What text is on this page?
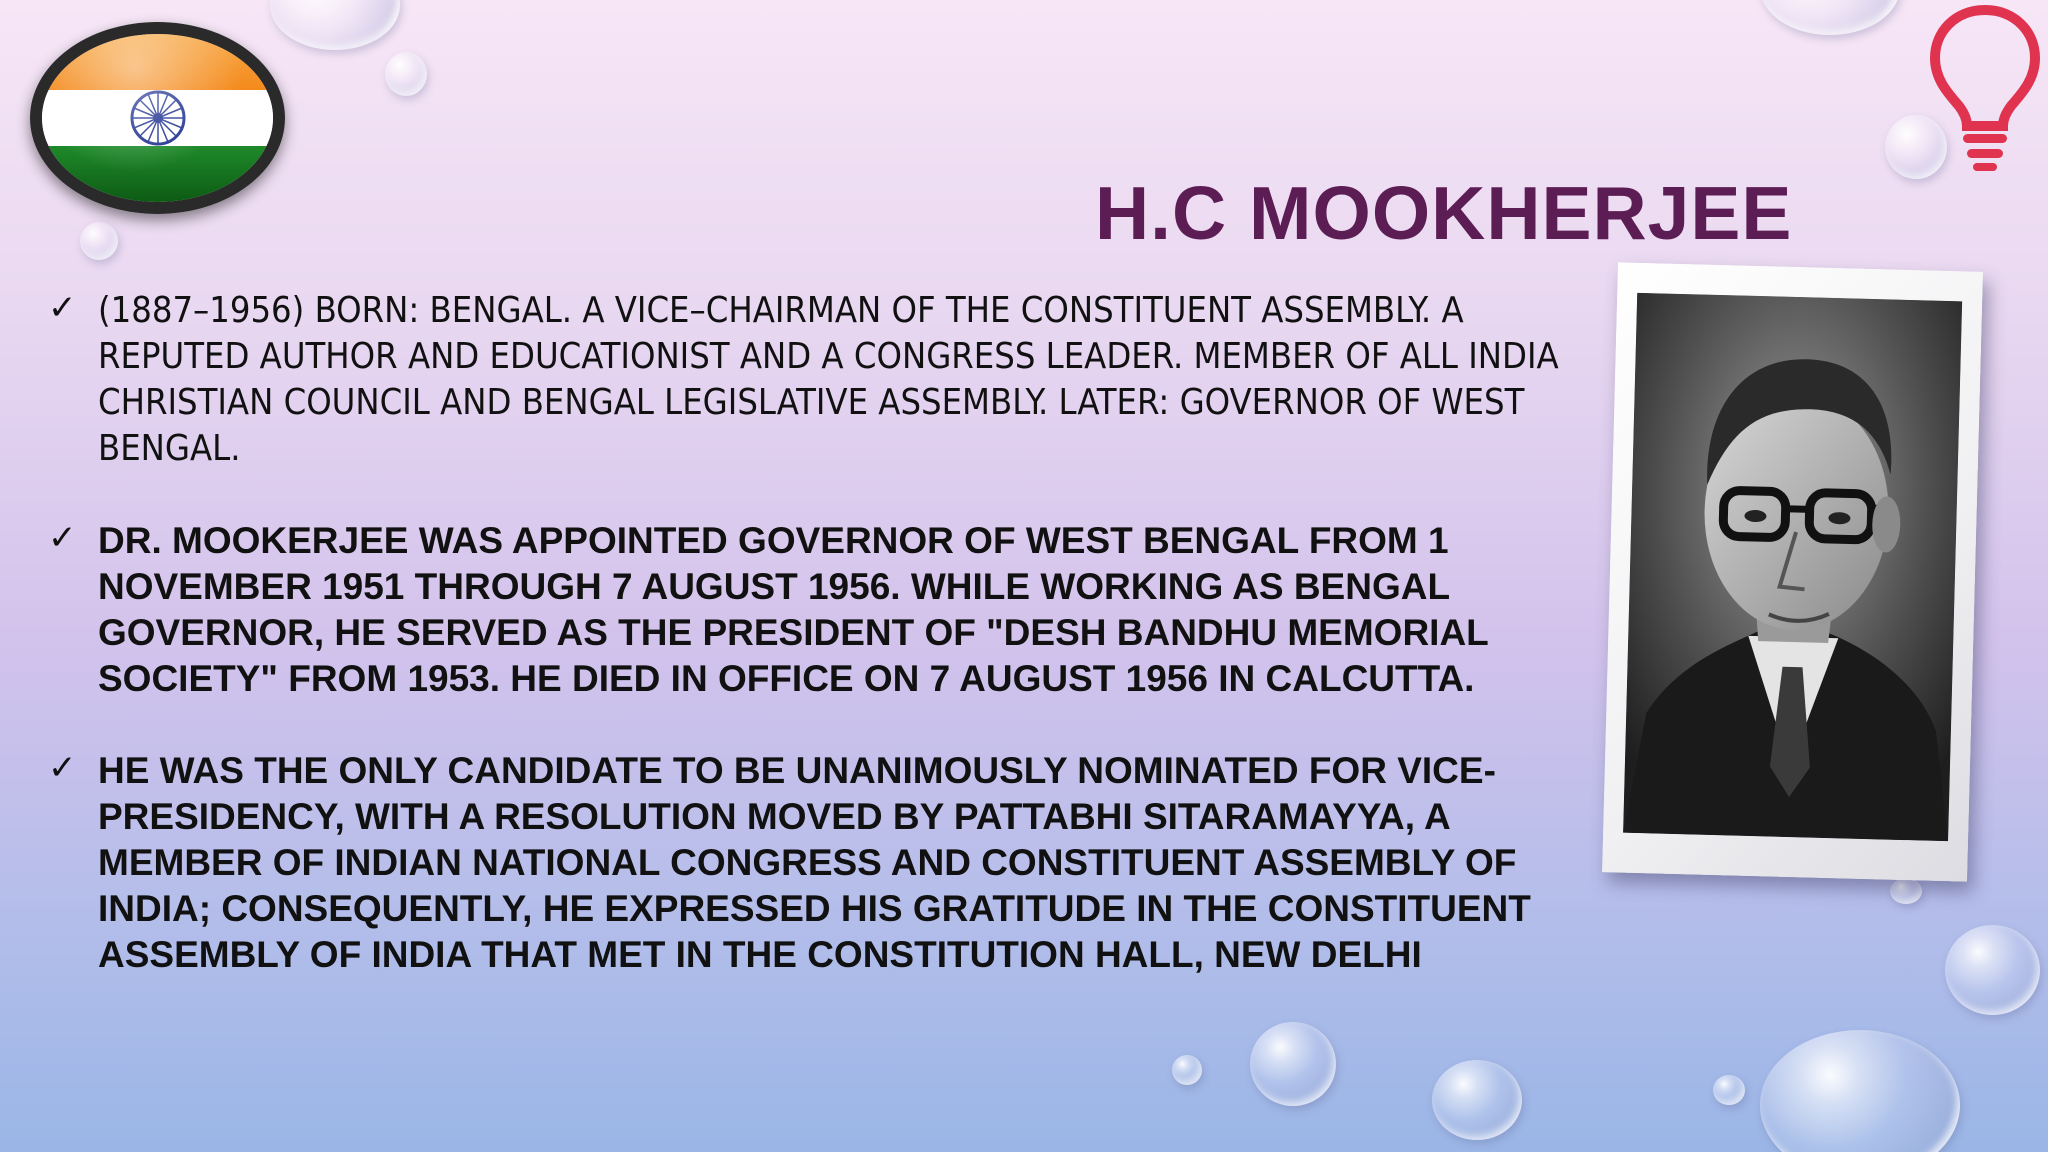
H.C MOOKHERJEE
✓ (1887–1956) BORN: BENGAL. A VICE–CHAIRMAN OF THE CONSTITUENT ASSEMBLY. A REPUTED AUTHOR AND EDUCATIONIST AND A CONGRESS LEADER. MEMBER OF ALL INDIA CHRISTIAN COUNCIL AND BENGAL LEGISLATIVE ASSEMBLY. LATER: GOVERNOR OF WEST BENGAL.
✓ DR. MOOKERJEE WAS APPOINTED GOVERNOR OF WEST BENGAL FROM 1 NOVEMBER 1951 THROUGH 7 AUGUST 1956. WHILE WORKING AS BENGAL GOVERNOR, HE SERVED AS THE PRESIDENT OF "DESH BANDHU MEMORIAL SOCIETY" FROM 1953. HE DIED IN OFFICE ON 7 AUGUST 1956 IN CALCUTTA.
✓ HE WAS THE ONLY CANDIDATE TO BE UNANIMOUSLY NOMINATED FOR VICE-PRESIDENCY, WITH A RESOLUTION MOVED BY PATTABHI SITARAMAYYA, A MEMBER OF INDIAN NATIONAL CONGRESS AND CONSTITUENT ASSEMBLY OF INDIA; CONSEQUENTLY, HE EXPRESSED HIS GRATITUDE IN THE CONSTITUENT ASSEMBLY OF INDIA THAT MET IN THE CONSTITUTION HALL, NEW DELHI
